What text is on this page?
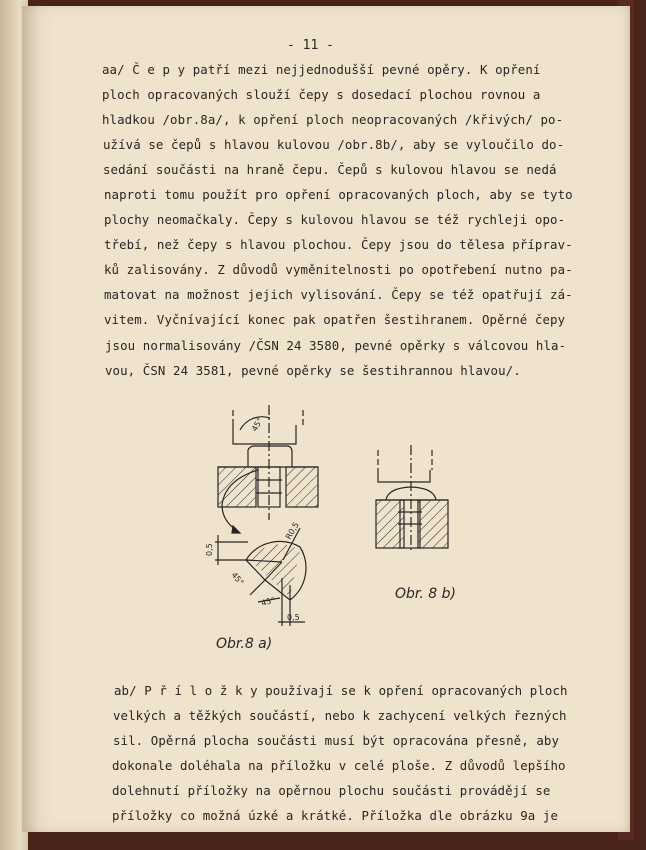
- 11 -
aa/ Č e p y patří mezi nejjednodušší pevné opěry. K opření
ploch opracovaných slouží čepy s dosedací plochou rovnou a
hladkou /obr.8a/, k opření ploch neopracovaných /křivých/ po-
užívá se čepů s hlavou kulovou /obr.8b/, aby se vyloučilo do-
sedání součásti na hraně čepu. Čepů s kulovou hlavou se nedá
naproti tomu použít pro opření opracovaných ploch, aby se tyto
plochy neomačkaly. Čepy s kulovou hlavou se též rychleji opo-
třebí, než čepy s hlavou plochou. Čepy jsou do tělesa příprav-
ků zalisovány. Z důvodů vyměnitelnosti po opotřebení nutno pa-
matovat na možnost jejich vylisování. Čepy se též opatřují zá-
vitem. Vyčnívající konec pak opatřen šestihranem. Opěrné čepy
jsou normalisovány /ČSN 24 3580, pevné opěrky s válcovou hla-
vou, ČSN 24 3581, pevné opěrky se šestihrannou hlavou/.
45°
R0,5
0,5
45°
45°
0,5
Obr.8 a)
Obr. 8 b)
ab/ P ř í l o ž k y používají se k opření opracovaných ploch
velkých a těžkých součástí, nebo k zachycení velkých řezných
sil. Opěrná plocha součásti musí být opracována přesně, aby
dokonale doléhala na příložku v celé ploše. Z důvodů lepšího
dolehnutí příložky na opěrnou plochu součásti provádějí se
příložky co možná úzké a krátké. Příložka dle obrázku 9a je
